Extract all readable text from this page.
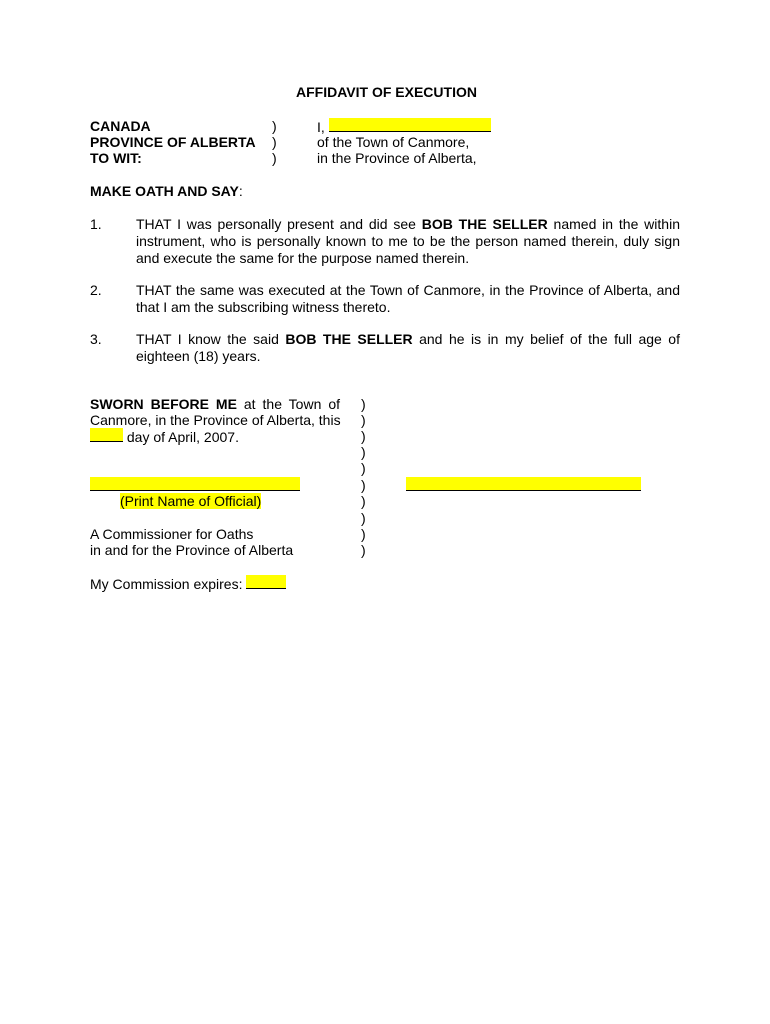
AFFIDAVIT OF EXECUTION
CANADA
PROVINCE OF ALBERTA
TO WIT:
)
)
)
I,
of the Town of Canmore,
in the Province of Alberta,
MAKE OATH AND SAY:
1. THAT I was personally present and did see BOB THE SELLER named in the within instrument, who is personally known to me to be the person named therein, duly sign and execute the same for the purpose named therein.
2. THAT the same was executed at the Town of Canmore, in the Province of Alberta, and that I am the subscribing witness thereto.
3. THAT I know the said BOB THE SELLER and he is in my belief of the full age of eighteen (18) years.
SWORN BEFORE ME at the Town of
Canmore, in the Province of Alberta, this
day of April, 2007.
)
)
)
)
)
)
)
)
)
)
(Print Name of Official)
A Commissioner for Oaths
in and for the Province of Alberta
My Commission expires:
